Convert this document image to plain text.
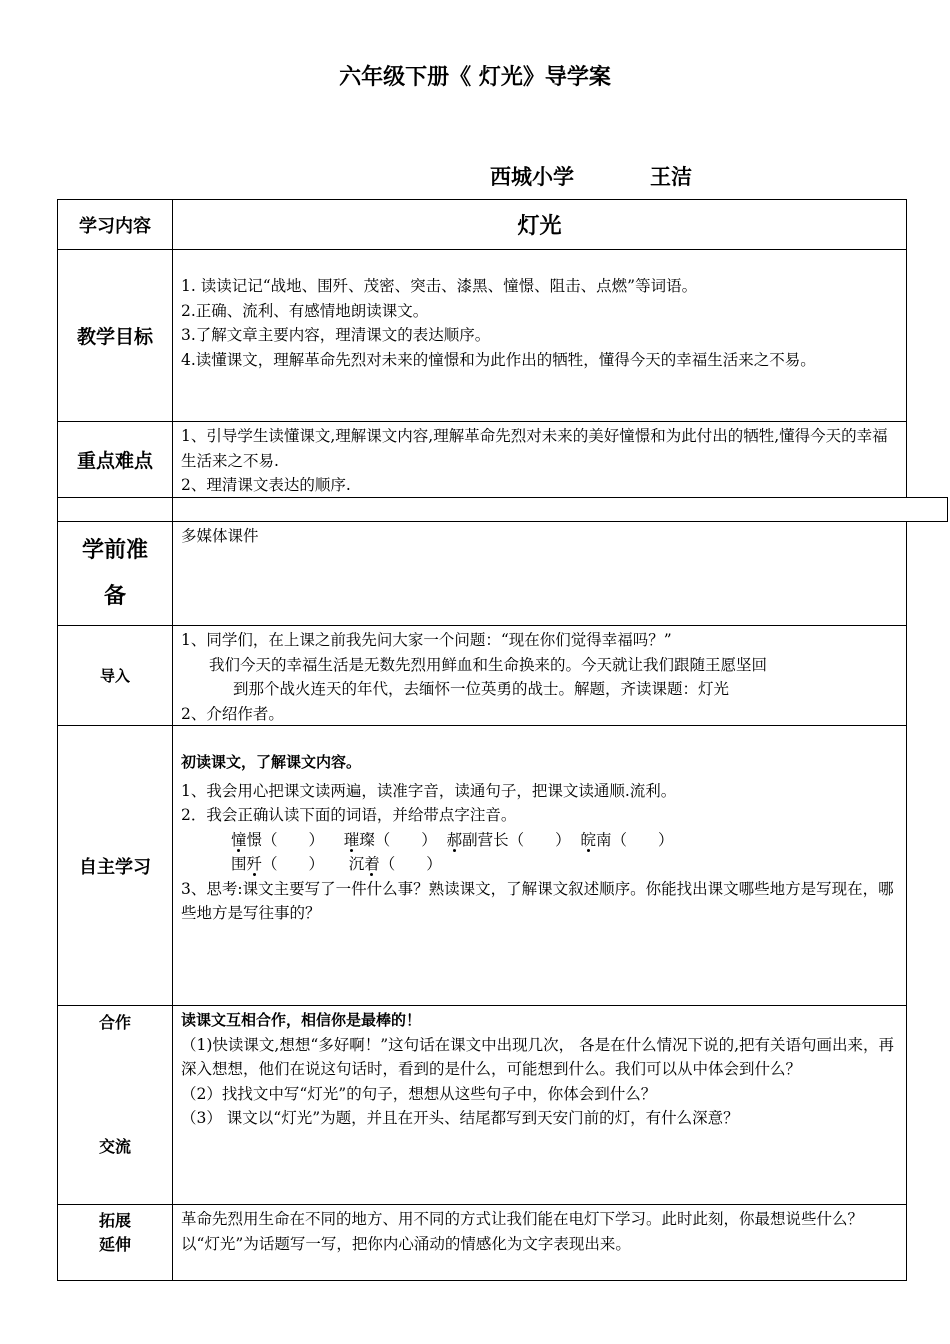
六年级下册《 灯光》导学案
西城小学	王洁
学习内容	灯光
教学目标

1. 读读记记“战地、围歼、茂密、突击、漆黑、憧憬、阻击、点燃”等词语。

2.正确、流利、有感情地朗读课文。

3.了解文章主要内容，理清课文的表达顺序。

4.读懂课文，理解革命先烈对未来的憧憬和为此作出的牺牲，懂得今天的幸福生活来之不易。

重点难点

1、引导学生读懂课文,理解课文内容,理解革命先烈对未来的美好憧憬和为此付出的牺牲,懂得今天的幸福生活来之不易.

2、理清课文表达的顺序.

学前准
备

多媒体课件

导入

1、同学们，在上课之前我先问大家一个问题：“现在你们觉得幸福吗？”

我们今天的幸福生活是无数先烈用鲜血和生命换来的。今天就让我们跟随王愿坚回

到那个战火连天的年代，去缅怀一位英勇的战士。解题，齐读课题：灯光

2、介绍作者。

自主学习

初读课文，了解课文内容。

1、我会用心把课文读两遍，读准字音，读通句子，把课文读通顺.流利。

2．我会正确认读下面的词语，并给带点字注音。

憧憬（　　） 璀璨（　　） 郝副营长（　　） 皖南（　　）

围歼（　　） 沉着（　　）

3、思考:课文主要写了一件什么事？熟读课文，了解课文叙述顺序。你能找出课文哪些地方是写现在，哪些地方是写往事的？

合作
交流

读课文互相合作，相信你是最棒的！

（1)快读课文,想想“多好啊！”这句话在课文中出现几次， 各是在什么情况下说的,把有关语句画出来，再深入想想，他们在说这句话时，看到的是什么，可能想到什么。我们可以从中体会到什么？

（2）找找文中写“灯光”的句子，想想从这些句子中，你体会到什么？

（3） 课文以“灯光”为题，并且在开头、结尾都写到天安门前的灯，有什么深意？

拓展
延伸

革命先烈用生命在不同的地方、用不同的方式让我们能在电灯下学习。此时此刻，你最想说些什么？以“灯光”为话题写一写，把你内心涌动的情感化为文字表现出来。
